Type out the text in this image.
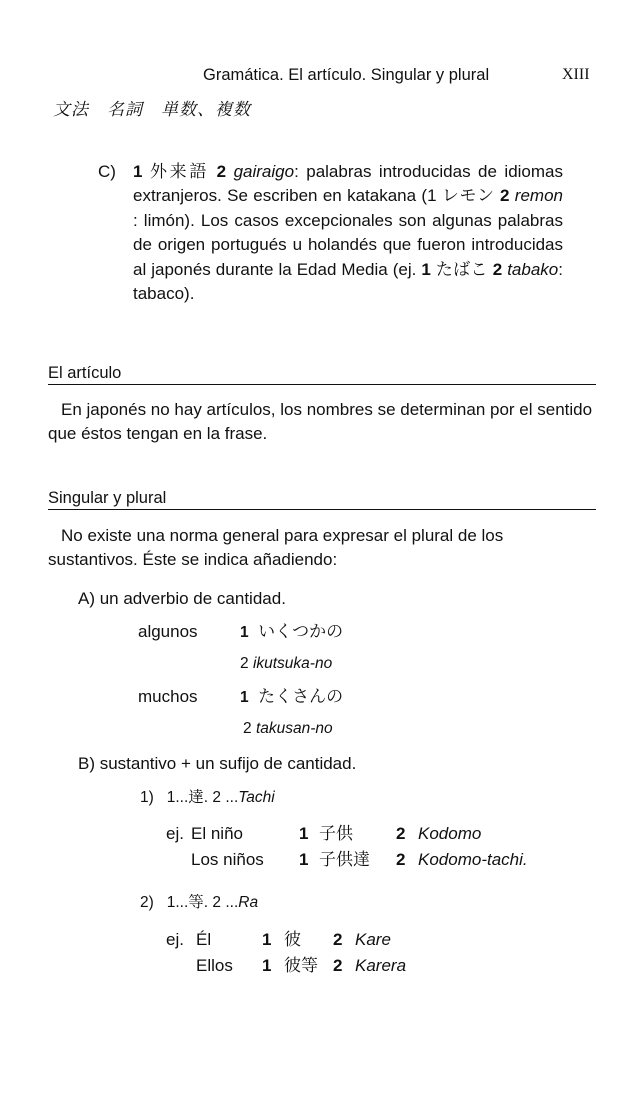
Gramática. El artículo. Singular y plural	XIII
文法　名詞　単数、複数
C) 1 外来語 2 gairaigo: palabras introducidas de idiomas extranjeros. Se escriben en katakana (1 レモン 2 remon : limón). Los casos excepcionales son algunas palabras de origen portugués u holandés que fueron introducidas al japonés durante la Edad Media (ej. 1 たばこ 2 tabako: tabaco).
El artículo
En japonés no hay artículos, los nombres se determinan por el sentido que éstos tengan en la frase.
Singular y plural
No existe una norma general para expresar el plural de los sustantivos. Éste se indica añadiendo:
A) un adverbio de cantidad.
algunos	1 いくつかの
2 ikutsuka-no
muchos	1 たくさんの
2 takusan-no
B) sustantivo + un sufijo de cantidad.
1) 1...達. 2 ...Tachi
ej. El niño	1 子供	2 Kodomo
Los niños 1 子供達 2 Kodomo-tachi.
2) 1...等. 2 ...Ra
ej. Él	1 彼 2 Kare
Ellos 1 彼等 2 Karera
